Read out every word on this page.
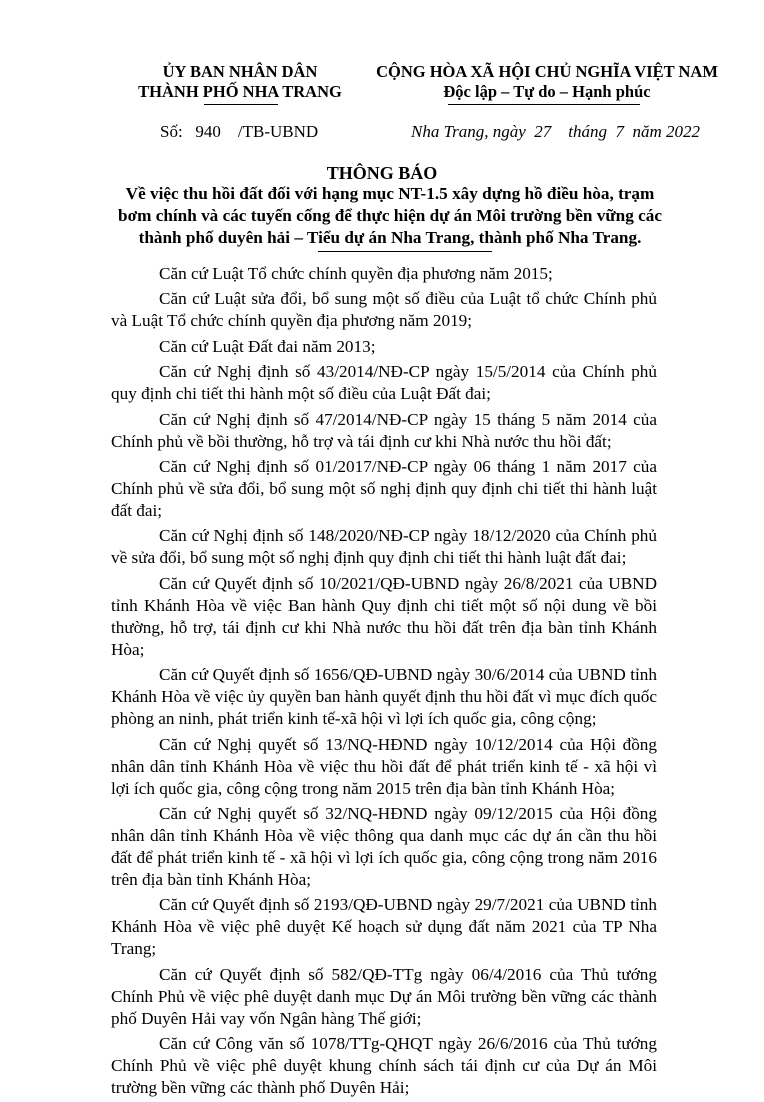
ỦY BAN NHÂN DÂN
THÀNH PHỐ NHA TRANG
CỘNG HÒA XÃ HỘI CHỦ NGHĨA VIỆT NAM
Độc lập – Tự do – Hạnh phúc
Số:   940    /TB-UBND	Nha Trang, ngày  27    tháng  7  năm 2022
THÔNG BÁO
Về việc thu hồi đất đối với hạng mục NT-1.5 xây dựng hồ điều hòa, trạm bơm chính và các tuyến cống để thực hiện dự án Môi trường bền vững các thành phố duyên hải – Tiểu dự án Nha Trang, thành phố Nha Trang.

Căn cứ Luật Tổ chức chính quyền địa phương năm 2015;

Căn cứ Luật sửa đổi, bổ sung một số điều của Luật tổ chức Chính phủ và Luật Tổ chức chính quyền địa phương năm 2019;

Căn cứ Luật Đất đai năm 2013;

Căn cứ Nghị định số 43/2014/NĐ-CP ngày 15/5/2014 của Chính phủ quy định chi tiết thi hành một số điều của Luật Đất đai;

Căn cứ Nghị định số 47/2014/NĐ-CP ngày 15 tháng 5 năm 2014 của Chính phủ về bồi thường, hỗ trợ và tái định cư khi Nhà nước thu hồi đất;

Căn cứ Nghị định số 01/2017/NĐ-CP ngày 06 tháng 1 năm 2017 của Chính phủ về sửa đổi, bổ sung một số nghị định quy định chi tiết thi hành luật đất đai;

Căn cứ Nghị định số 148/2020/NĐ-CP ngày 18/12/2020 của Chính phủ về sửa đổi, bổ sung một số nghị định quy định chi tiết thi hành luật đất đai;

Căn cứ Quyết định số 10/2021/QĐ-UBND ngày 26/8/2021 của UBND tỉnh Khánh Hòa về việc Ban hành Quy định chi tiết một số nội dung về bồi thường, hỗ trợ, tái định cư khi Nhà nước thu hồi đất trên địa bàn tỉnh Khánh Hòa;

Căn cứ Quyết định số 1656/QĐ-UBND ngày 30/6/2014 của UBND tỉnh Khánh Hòa về việc ủy quyền ban hành quyết định thu hồi đất vì mục đích quốc phòng an ninh, phát triển kinh tế-xã hội vì lợi ích quốc gia, công cộng;

Căn cứ Nghị quyết số 13/NQ-HĐND ngày 10/12/2014 của Hội đồng nhân dân tỉnh Khánh Hòa về việc thu hồi đất để phát triển kinh tế - xã hội vì lợi ích quốc gia, công cộng trong năm 2015 trên địa bàn tỉnh Khánh Hòa;

Căn cứ Nghị quyết số 32/NQ-HĐND ngày 09/12/2015 của Hội đồng nhân dân tỉnh Khánh Hòa về việc thông qua danh mục các dự án cần thu hồi đất để phát triển kinh tế - xã hội vì lợi ích quốc gia, công cộng trong năm 2016 trên địa bàn tỉnh Khánh Hòa;

Căn cứ Quyết định số 2193/QĐ-UBND ngày 29/7/2021 của UBND tỉnh Khánh Hòa về việc phê duyệt Kế hoạch sử dụng đất năm 2021 của TP Nha Trang;

Căn cứ Quyết định số 582/QĐ-TTg ngày 06/4/2016 của Thủ tướng Chính Phủ về việc phê duyệt danh mục Dự án Môi trường bền vững các thành phố Duyên Hải vay vốn Ngân hàng Thế giới;

Căn cứ Công văn số 1078/TTg-QHQT ngày 26/6/2016 của Thủ tướng Chính Phủ về việc phê duyệt khung chính sách tái định cư của Dự án Môi trường bền vững các thành phố Duyên Hải;
